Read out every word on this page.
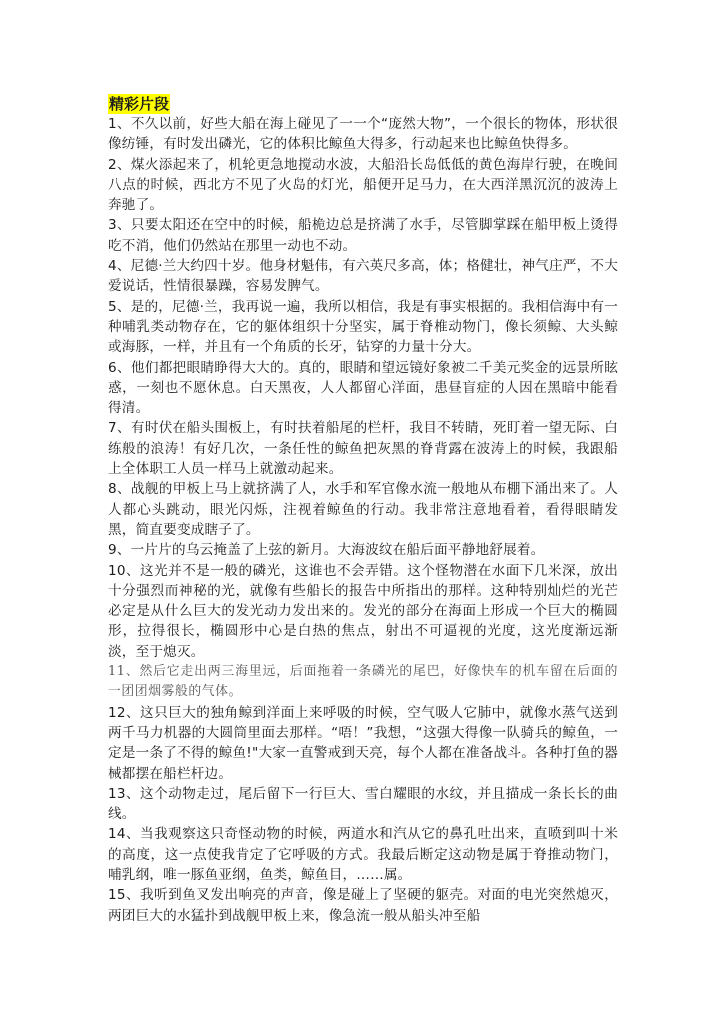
精彩片段

1、不久以前，好些大船在海上碰见了一一个“庞然大物”，一个很长的物体，形状很像纺锤，有时发出磷光，它的体积比鲸鱼大得多，行动起来也比鲸鱼快得多。

2、煤火添起来了，机轮更急地搅动水波，大船沿长岛低低的黄色海岸行驶，在晚间八点的时候，西北方不见了火岛的灯光，船便开足马力，在大西洋黑沉沉的波涛上奔驰了。

3、只要太阳还在空中的时候，船桅边总是挤满了水手，尽管脚掌踩在船甲板上烫得吃不消，他们仍然站在那里一动也不动。

4、尼德·兰大约四十岁。他身材魁伟，有六英尺多高，体；格健壮，神气庄严，不大爱说话，性情很暴躁，容易发脾气。

5、是的，尼德·兰，我再说一遍，我所以相信，我是有事实根据的。我相信海中有一种哺乳类动物存在，它的躯体组织十分坚实，属于脊椎动物门，像长须鲸、大头鲸或海豚，一样，并且有一个角质的长牙，钻穿的力量十分大。

6、他们都把眼睛睁得大大的。真的，眼睛和望远镜好象被二千美元奖金的远景所眩惑，一刻也不愿休息。白天黑夜，人人都留心洋面，患昼盲症的人因在黑暗中能看得清。

7、有时伏在船头围板上，有时扶着船尾的栏杆，我目不转睛，死盯着一望无际、白练般的浪涛！有好几次，一条任性的鲸鱼把灰黑的脊背露在波涛上的时候，我跟船上全体职工人员一样马上就激动起来。

8、战舰的甲板上马上就挤满了人，水手和军官像水流一般地从布棚下涌出来了。人人都心头跳动，眼光闪烁，注视着鲸鱼的行动。我非常注意地看着，看得眼睛发黑，简直要变成瞎子了。

9、一片片的乌云掩盖了上弦的新月。大海波纹在船后面平静地舒展着。

10、这光并不是一般的磷光，这谁也不会弄错。这个怪物潜在水面下几米深，放出十分强烈而神秘的光，就像有些船长的报告中所指出的那样。这种特别灿烂的光芒必定是从什么巨大的发光动力发出来的。发光的部分在海面上形成一个巨大的椭圆形，拉得很长，椭圆形中心是白热的焦点，射出不可逼视的光度，这光度渐远渐淡，至于熄灭。

11、然后它走出两三海里远，后面拖着一条磷光的尾巴，好像快车的机车留在后面的一团团烟雾般的气体。

12、这只巨大的独角鲸到洋面上来呼吸的时候，空气吸人它肺中，就像水蒸气送到两千马力机器的大圆筒里面去那样。“唔！”我想，“这强大得像一队骑兵的鲸鱼，一定是一条了不得的鲸鱼!"大家一直警戒到天亮，每个人都在准备战斗。各种打鱼的器械都摆在船栏杆边。

13、这个动物走过，尾后留下一行巨大、雪白耀眼的水纹，并且描成一条长长的曲线。

14、当我观察这只奇怪动物的时候，两道水和汽从它的鼻孔吐出来，直喷到叫十米的高度，这一点使我肯定了它呼吸的方式。我最后断定这动物是属于脊推动物门，哺乳纲，唯一豚鱼亚纲，鱼类，鲸鱼目，……属。

15、我听到鱼叉发出响亮的声音，像是碰上了坚硬的躯壳。对面的电光突然熄灭，两团巨大的水猛扑到战舰甲板上来，像急流一般从船头冲至船
